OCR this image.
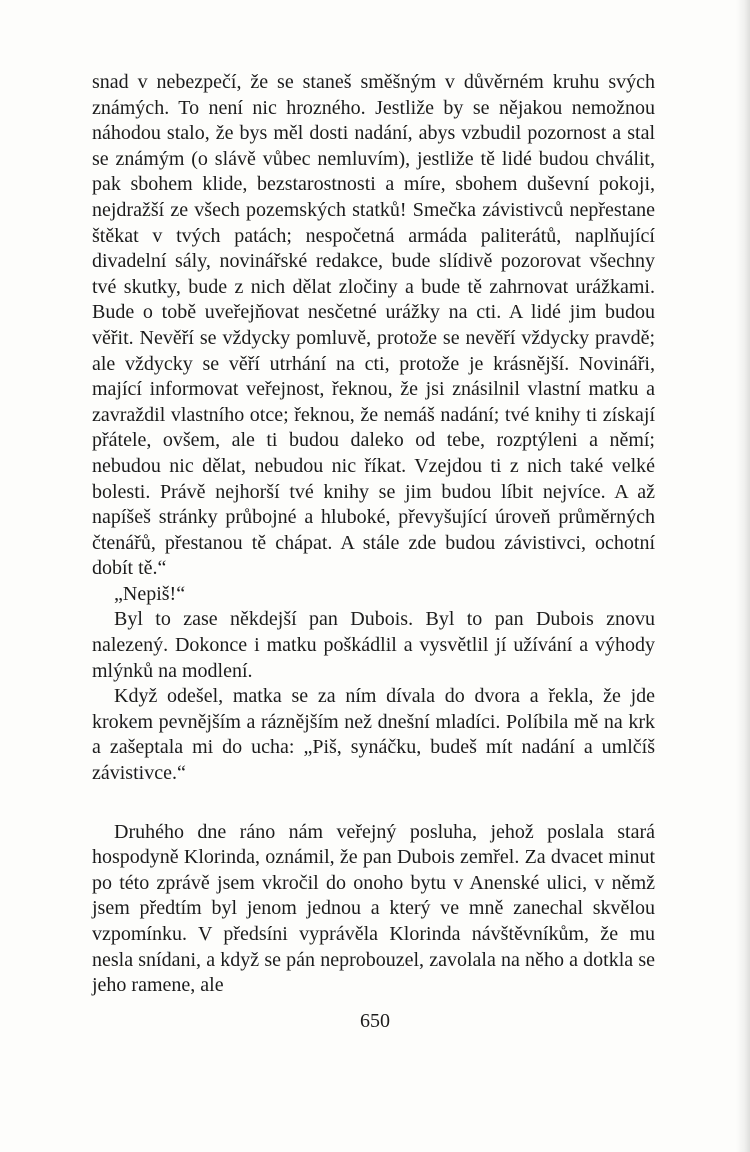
snad v nebezpečí, že se staneš směšným v důvěrném kruhu svých známých. To není nic hrozného. Jestliže by se nějakou nemožnou náhodou stalo, že bys měl dosti nadání, abys vzbudil pozornost a stal se známým (o slávě vůbec nemluvím), jestliže tě lidé budou chválit, pak sbohem klide, bezstarostnosti a míre, sbohem duševní pokoji, nejdražší ze všech pozemských statků! Smečka závistivců nepřestane štěkat v tvých patách; nespočetná armáda paliterátů, naplňující divadelní sály, novinářské redakce, bude slídivě pozorovat všechny tvé skutky, bude z nich dělat zločiny a bude tě zahrnovat urážkami. Bude o tobě uveřejňovat nesčetné urážky na cti. A lidé jim budou věřit. Nevěří se vždycky pomluvě, protože se nevěří vždycky pravdě; ale vždycky se věří utrhání na cti, protože je krásnější. Novináři, mající informovat veřejnost, řeknou, že jsi znásilnil vlastní matku a zavraždil vlastního otce; řeknou, že nemáš nadání; tvé knihy ti získají přátele, ovšem, ale ti budou daleko od tebe, rozptýleni a němí; nebudou nic dělat, nebudou nic říkat. Vzejdou ti z nich také velké bolesti. Právě nejhorší tvé knihy se jim budou líbit nejvíce. A až napíšeš stránky průbojné a hluboké, převyšující úroveň průměrných čtenářů, přestanou tě chápat. A stále zde budou závistivci, ochotní dobít tě.“

„Nepiš!“

Byl to zase někdejší pan Dubois. Byl to pan Dubois znovu nalezený. Dokonce i matku poškádlil a vysvětlil jí užívání a výhody mlýnků na modlení.

Když odešel, matka se za ním dívala do dvora a řekla, že jde krokem pevnějším a ráznějším než dnešní mladíci. Políbila mě na krk a zašeptala mi do ucha: „Piš, synáčku, budeš mít nadání a umlčíš závistivce.“

Druhého dne ráno nám veřejný posluha, jehož poslala stará hospodyně Klorinda, oznámil, že pan Dubois zemřel. Za dvacet minut po této zprávě jsem vkročil do onoho bytu v Anenské ulici, v němž jsem předtím byl jenom jednou a který ve mně zanechal skvělou vzpomínku. V předsíni vyprávěla Klorinda návštěvníkům, že mu nesla snídani, a když se pán neprobouzel, zavolala na něho a dotkla se jeho ramene, ale

650
